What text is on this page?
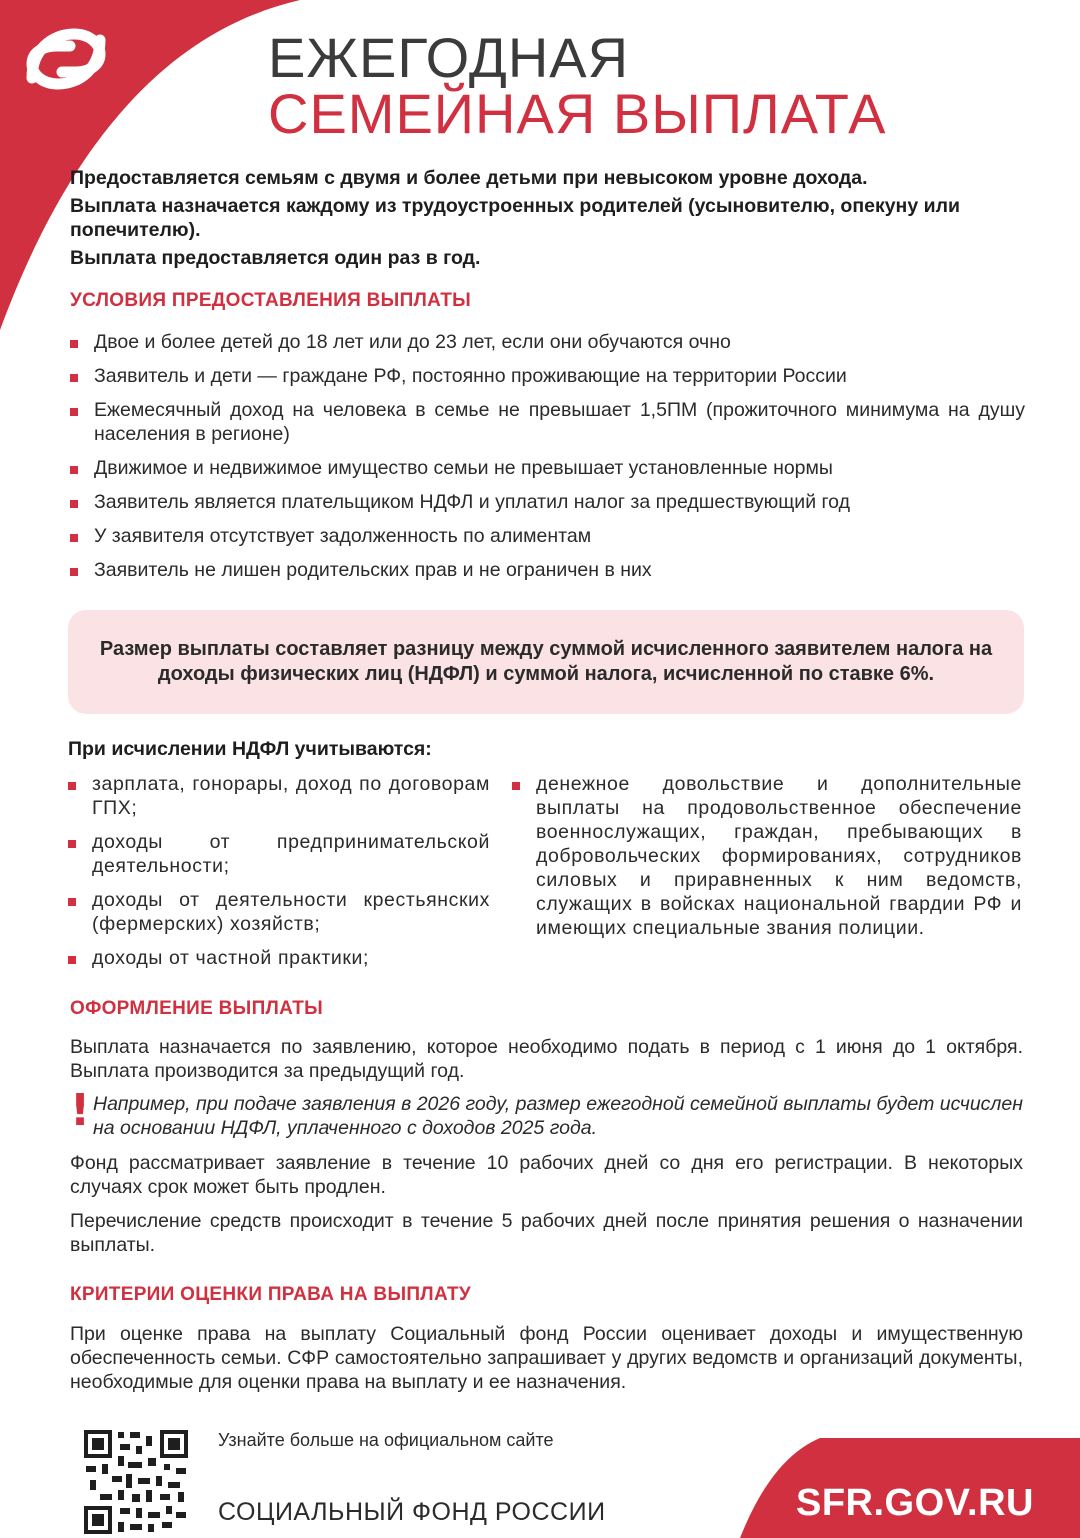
ЕЖЕГОДНАЯ
СЕМЕЙНАЯ ВЫПЛАТА

Предоставляется семьям с двумя и более детьми при невысоком уровне дохода.

Выплата назначается каждому из трудоустроенных родителей (усыновителю, опекуну или попечителю).

Выплата предоставляется один раз в год.

УСЛОВИЯ ПРЕДОСТАВЛЕНИЯ ВЫПЛАТЫ
Двое и более детей до 18 лет или до 23 лет, если они обучаются очно
Заявитель и дети — граждане РФ, постоянно проживающие на территории России
Ежемесячный доход на человека в семье не превышает 1,5ПМ (прожиточного минимума на душу населения в регионе)
Движимое и недвижимое имущество семьи не превышает установленные нормы
Заявитель является плательщиком НДФЛ и уплатил налог за предшествующий год
У заявителя отсутствует задолженность по алиментам
Заявитель не лишен родительских прав и не ограничен в них

Размер выплаты составляет разницу между суммой исчисленного заявителем налога на доходы физических лиц (НДФЛ) и суммой налога, исчисленной по ставке 6%.

При исчислении НДФЛ учитываются:
зарплата, гонорары, доход по договорам ГПХ;
доходы от предпринимательской деятельности;
доходы от деятельности крестьянских (фермерских) хозяйств;
доходы от частной практики;
денежное довольствие и дополнительные выплаты на продовольственное обеспечение военнослужащих, граждан, пребывающих в добровольческих формированиях, сотрудников силовых и приравненных к ним ведомств, служащих в войсках национальной гвардии РФ и имеющих специальные звания полиции.
ОФОРМЛЕНИЕ ВЫПЛАТЫ

Выплата назначается по заявлению, которое необходимо подать в период с 1 июня до 1 октября. Выплата производится за предыдущий год.

! Например, при подаче заявления в 2026 году, размер ежегодной семейной выплаты будет исчислен на основании НДФЛ, уплаченного с доходов 2025 года.

Фонд рассматривает заявление в течение 10 рабочих дней со дня его регистрации. В некоторых случаях срок может быть продлен.

Перечисление средств происходит в течение 5 рабочих дней после принятия решения о назначении выплаты.

КРИТЕРИИ ОЦЕНКИ ПРАВА НА ВЫПЛАТУ

При оценке права на выплату Социальный фонд России оценивает доходы и имущественную обеспеченность семьи. СФР самостоятельно запрашивает у других ведомств и организаций документы, необходимые для оценки права на выплату и ее назначения.

Узнайте больше на официальном сайте

СОЦИАЛЬНЫЙ ФОНД РОССИИ	SFR.GOV.RU
